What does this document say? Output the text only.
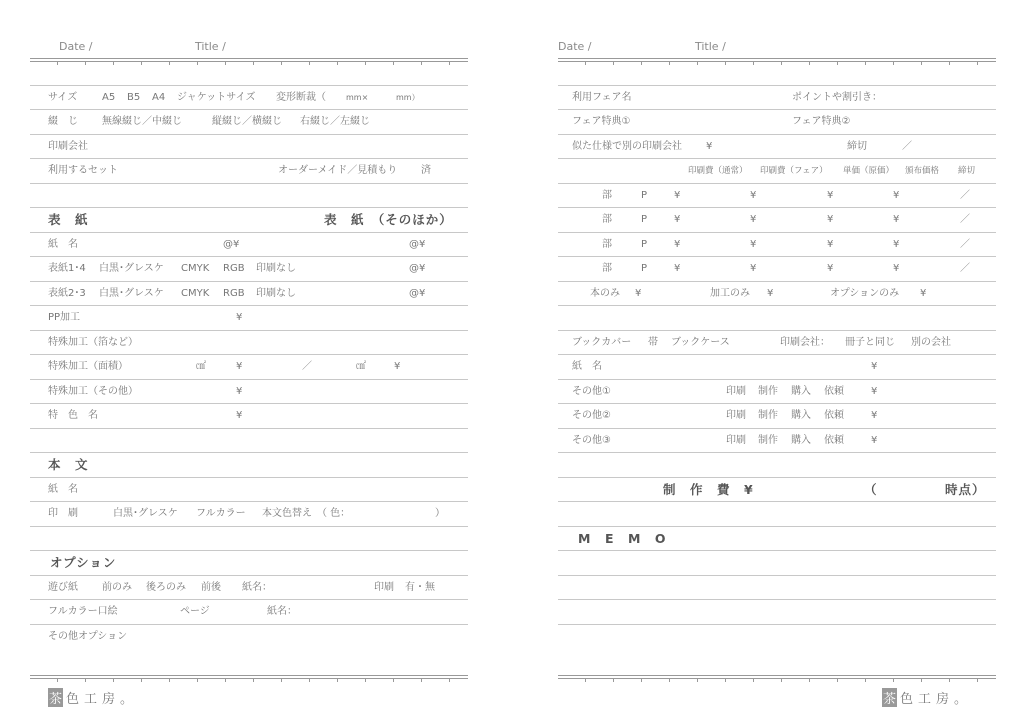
Date /	Title /
サイズ A5 B5 A4 ジャケットサイズ 変形断裁（	mm×	mm）
綴　じ 無線綴じ／中綴じ	縦綴じ／横綴じ 右綴じ／左綴じ
印刷会社
利用するセット	オーダーメイド／見積もり 済
表　紙	表　紙　（そのほか）
紙　名	@¥	@¥
表紙1･4 白黒･グレスケ CMYK RGB 印刷なし	@¥
表紙2･3 白黒･グレスケ CMYK RGB 印刷なし	@¥
PP加工	¥
特殊加工（箔など）
特殊加工（面積）	㎠	¥	／	㎠	¥
特殊加工（その他）	¥
特　色　名	¥
本　文
紙　名
印　刷	白黒･グレスケ フルカラー 本文色替え （ 色：	）
オプション
遊び紙 前のみ 後ろのみ 前後 紙名：	印刷 有・無
フルカラー口絵	ページ	紙名：
その他オプション
茶 色工房。
Date /	Title /
利用フェア名	ポイントや割引き：
フェア特典①	フェア特典②
似た仕様で別の印刷会社 ¥	締切	／
印刷費（通常） 印刷費（フェア） 単価（原価） 頒布価格 締切
部	P	¥	¥	¥	¥	／
部	P	¥	¥	¥	¥	／
部	P	¥	¥	¥	¥	／
部	P	¥	¥	¥	¥	／
本のみ ¥	加工のみ ¥	オプションのみ ¥
ブックカバー 帯 ブックケース	印刷会社： 冊子と同じ 別の会社
紙　名	¥
その他①	印刷 制作 購入 依頼	¥
その他②	印刷 制作 購入 依頼	¥
その他③	印刷 制作 購入 依頼	¥
制　作　費　¥	（	時点）
M　E　M　O
茶 色工房。
